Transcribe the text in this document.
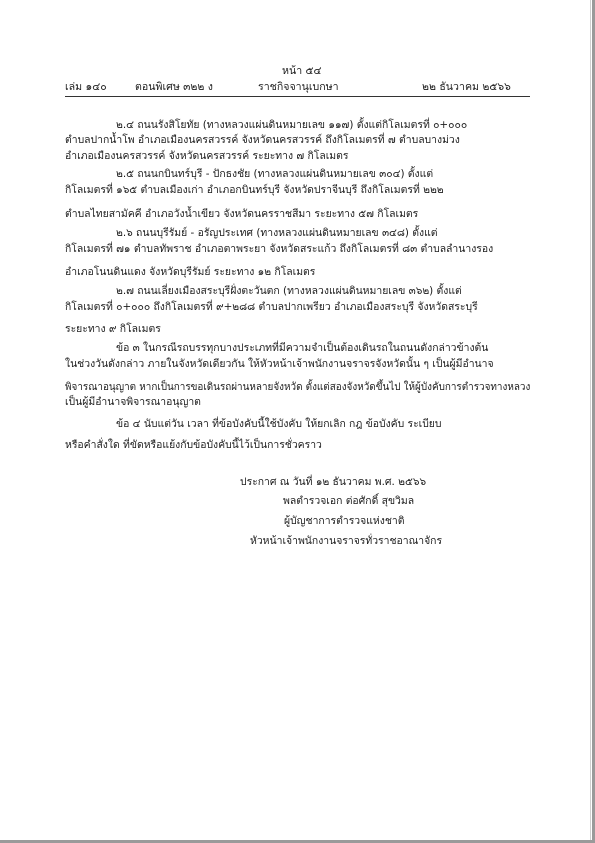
หน้า ๕๔
เล่ม ๑๔๐	ตอนพิเศษ ๓๒๒ ง	ราชกิจจานุเบกษา	๒๒ ธันวาคม ๒๕๖๖
๒.๔ ถนนรังสิโยทัย (ทางหลวงแผ่นดินหมายเลข ๑๑๗) ตั้งแต่กิโลเมตรที่ ๐+๐๐๐
ตำบลปากน้ำโพ อำเภอเมืองนครสวรรค์ จังหวัดนครสวรรค์ ถึงกิโลเมตรที่ ๗ ตำบลบางม่วง
อำเภอเมืองนครสวรรค์ จังหวัดนครสวรรค์ ระยะทาง ๗ กิโลเมตร
๒.๕ ถนนกบินทร์บุรี - ปักธงชัย (ทางหลวงแผ่นดินหมายเลข ๓๐๔) ตั้งแต่
กิโลเมตรที่ ๑๖๕ ตำบลเมืองเก่า อำเภอกบินทร์บุรี จังหวัดปราจีนบุรี ถึงกิโลเมตรที่ ๒๒๒
ตำบลไทยสามัคคี อำเภอวังน้ำเขียว จังหวัดนครราชสีมา ระยะทาง ๕๗ กิโลเมตร
๒.๖ ถนนบุรีรัมย์ - อรัญประเทศ (ทางหลวงแผ่นดินหมายเลข ๓๔๘) ตั้งแต่
กิโลเมตรที่ ๗๑ ตำบลทัพราช อำเภอตาพระยา จังหวัดสระแก้ว ถึงกิโลเมตรที่ ๘๓ ตำบลลำนางรอง
อำเภอโนนดินแดง จังหวัดบุรีรัมย์ ระยะทาง ๑๒ กิโลเมตร
๒.๗ ถนนเลี่ยงเมืองสระบุรีฝั่งตะวันตก (ทางหลวงแผ่นดินหมายเลข ๓๖๒) ตั้งแต่
กิโลเมตรที่ ๐+๐๐๐ ถึงกิโลเมตรที่ ๙+๒๘๘ ตำบลปากเพรียว อำเภอเมืองสระบุรี จังหวัดสระบุรี
ระยะทาง ๙ กิโลเมตร
ข้อ ๓ ในกรณีรถบรรทุกบางประเภทที่มีความจำเป็นต้องเดินรถในถนนดังกล่าวข้างต้น
ในช่วงวันดังกล่าว ภายในจังหวัดเดียวกัน ให้หัวหน้าเจ้าพนักงานจราจรจังหวัดนั้น ๆ เป็นผู้มีอำนาจ
พิจารณาอนุญาต หากเป็นการขอเดินรถผ่านหลายจังหวัด ตั้งแต่สองจังหวัดขึ้นไป ให้ผู้บังคับการตำรวจทางหลวง
เป็นผู้มีอำนาจพิจารณาอนุญาต
ข้อ ๔ นับแต่วัน เวลา ที่ข้อบังคับนี้ใช้บังคับ ให้ยกเลิก กฎ ข้อบังคับ ระเบียบ
หรือคำสั่งใด ที่ขัดหรือแย้งกับข้อบังคับนี้ไว้เป็นการชั่วคราว
ประกาศ ณ วันที่ ๑๒ ธันวาคม พ.ศ. ๒๕๖๖
พลตำรวจเอก ต่อศักดิ์ สุขวิมล
ผู้บัญชาการตำรวจแห่งชาติ
หัวหน้าเจ้าพนักงานจราจรทั่วราชอาณาจักร
